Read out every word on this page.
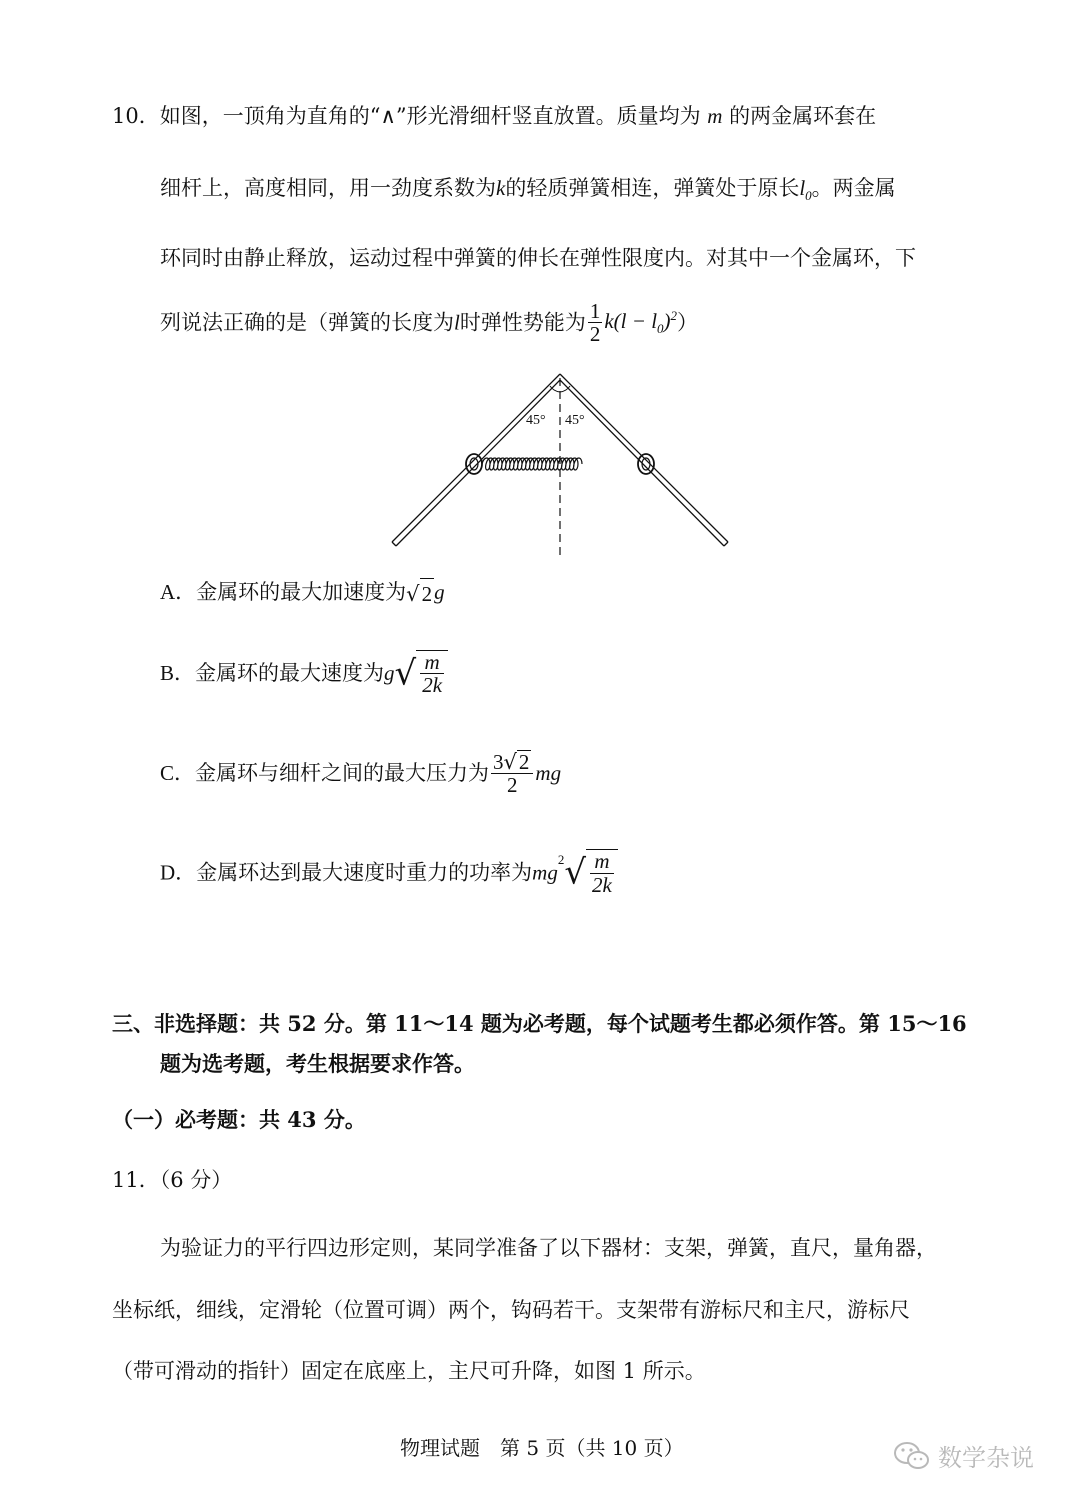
10．如图，一顶角为直角的“∧”形光滑细杆竖直放置。质量均为 m 的两金属环套在
细杆上，高度相同，用一劲度系数为k的轻质弹簧相连，弹簧处于原长$l_0$。两金属
环同时由静止释放，运动过程中弹簧的伸长在弹性限度内。对其中一个金属环，下
列说法正确的是（弹簧的长度为l时弹性势能为 $\frac{1}{2} k(l - l_0)^2$）
45° 45°
A．金属环的最大加速度为√2g
B．金属环的最大速度为$g√ \frac{m}{2k}$
C．金属环与细杆之间的最大压力为 $\frac{3√2}{2}$ mg
D．金属环达到最大速度时重力的功率为$mg^2√ \frac{m}{2k}$
三、非选择题：共 52 分。第 11～14 题为必考题，每个试题考生都必须作答。第 15～16
题为选考题，考生根据要求作答。
（一）必考题：共 43 分。
11．（6 分）
为验证力的平行四边形定则，某同学准备了以下器材：支架，弹簧，直尺，量角器，
坐标纸，细线，定滑轮（位置可调）两个，钩码若干。支架带有游标尺和主尺，游标尺
（带可滑动的指针）固定在底座上，主尺可升降，如图 1 所示。
物理试题　第 5 页（共 10 页）	数学杂说
